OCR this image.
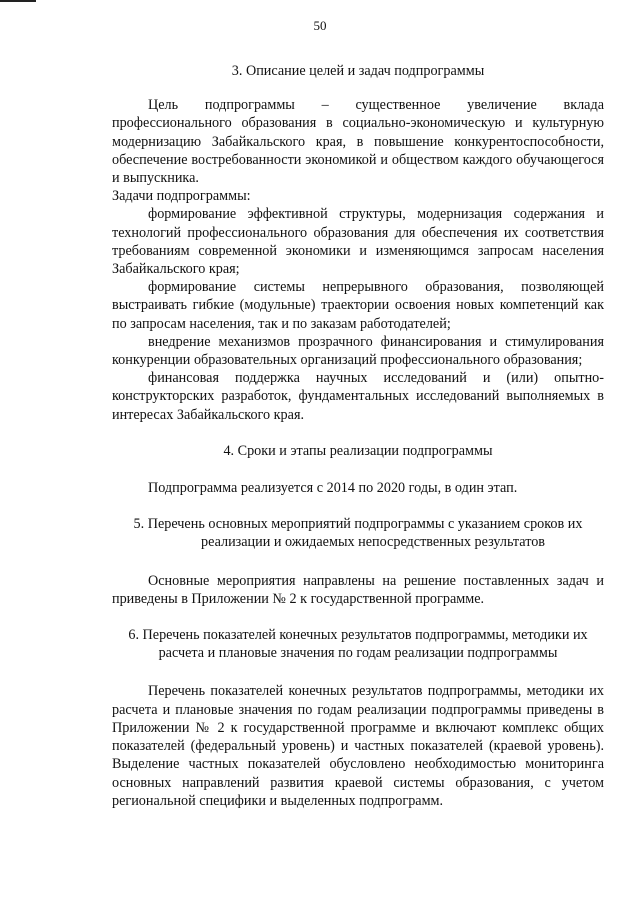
50
3. Описание целей и задач подпрограммы

Цель подпрограммы – существенное увеличение вклада профессионального образования в социально-экономическую и культурную модернизацию Забайкальского края, в повышение конкурентоспособности, обеспечение востребованности экономикой и обществом каждого обучающегося и выпускника.

Задачи подпрограммы:

формирование эффективной структуры, модернизация содержания и технологий профессионального образования для обеспечения их соответствия требованиям современной экономики и изменяющимся запросам населения Забайкальского края;

формирование системы непрерывного образования, позволяющей выстраивать гибкие (модульные) траектории освоения новых компетенций как по запросам населения, так и по заказам работодателей;

внедрение механизмов прозрачного финансирования и стимулирования конкуренции образовательных организаций профессионального образования;

финансовая поддержка научных исследований и (или) опытно-конструкторских разработок, фундаментальных исследований выполняемых в интересах Забайкальского края.

4. Сроки и этапы реализации подпрограммы

Подпрограмма реализуется с 2014 по 2020 годы, в один этап.

5. Перечень основных мероприятий подпрограммы с указанием сроков их
реализации и ожидаемых непосредственных результатов

Основные мероприятия направлены на решение поставленных задач и приведены в Приложении № 2 к государственной программе.

6. Перечень показателей конечных результатов подпрограммы, методики их расчета и плановые значения по годам реализации подпрограммы

Перечень показателей конечных результатов подпрограммы, методики их расчета и плановые значения по годам реализации подпрограммы приведены в Приложении № 2 к государственной программе и включают комплекс общих показателей (федеральный уровень) и частных показателей (краевой уровень). Выделение частных показателей обусловлено необходимостью мониторинга основных направлений развития краевой системы образования, с учетом региональной специфики и выделенных подпрограмм.
